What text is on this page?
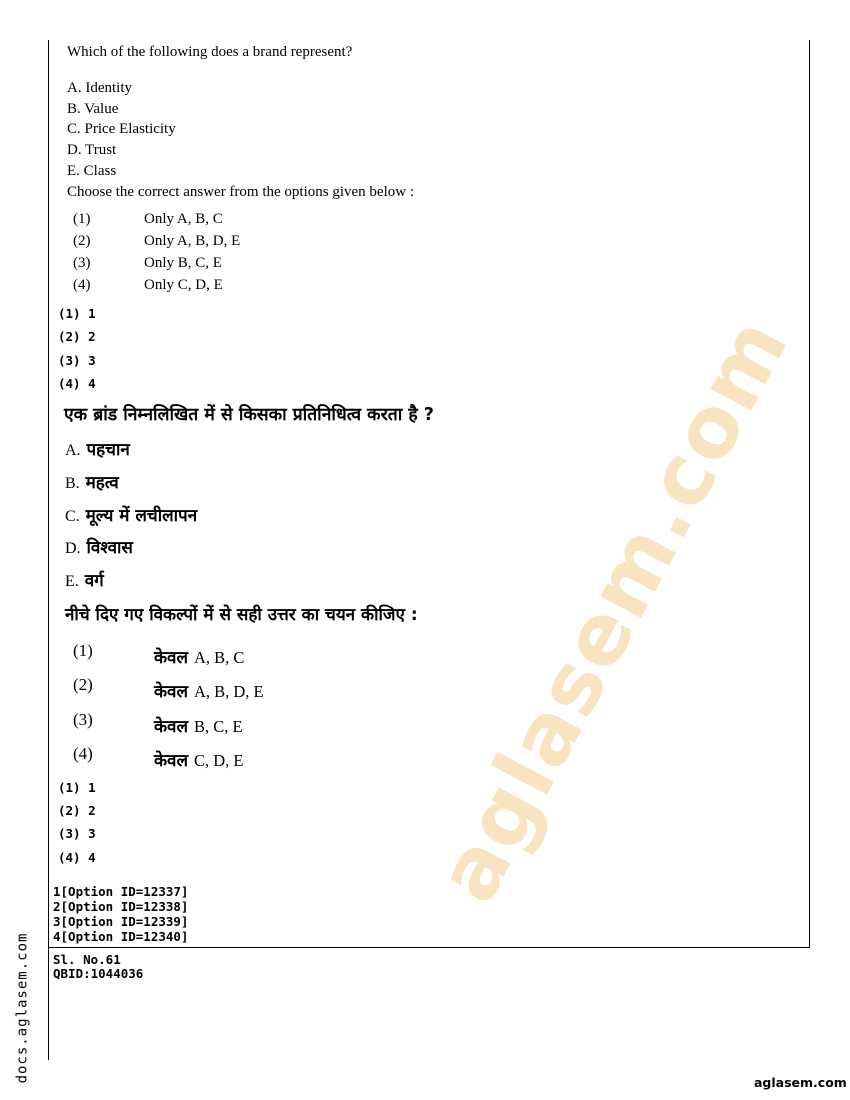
aglasem.com
Which of the following does a brand represent?
A. Identity
B. Value
C. Price Elasticity
D. Trust
E. Class
Choose the correct answer from the options given below :
(1)	Only A, B, C
(2)	Only A, B, D, E
(3)	Only B, C, E
(4)	Only C, D, E
(1) 1
(2) 2
(3) 3
(4) 4
एक ब्रांड निम्नलिखित में से किसका प्रतिनिधित्व करता है ?
A. पहचान
B. महत्व
C. मूल्य में लचीलापन
D. विश्वास
E. वर्ग
नीचे दिए गए विकल्पों में से सही उत्तर का चयन कीजिए :
(1)	केवल A, B, C
(2)	केवल A, B, D, E
(3)	केवल B, C, E
(4)	केवल C, D, E
(1) 1
(2) 2
(3) 3
(4) 4
1[Option ID=12337]
2[Option ID=12338]
3[Option ID=12339]
4[Option ID=12340]
Sl. No.61
QBID:1044036
docs.aglasem.com	aglasem.com
